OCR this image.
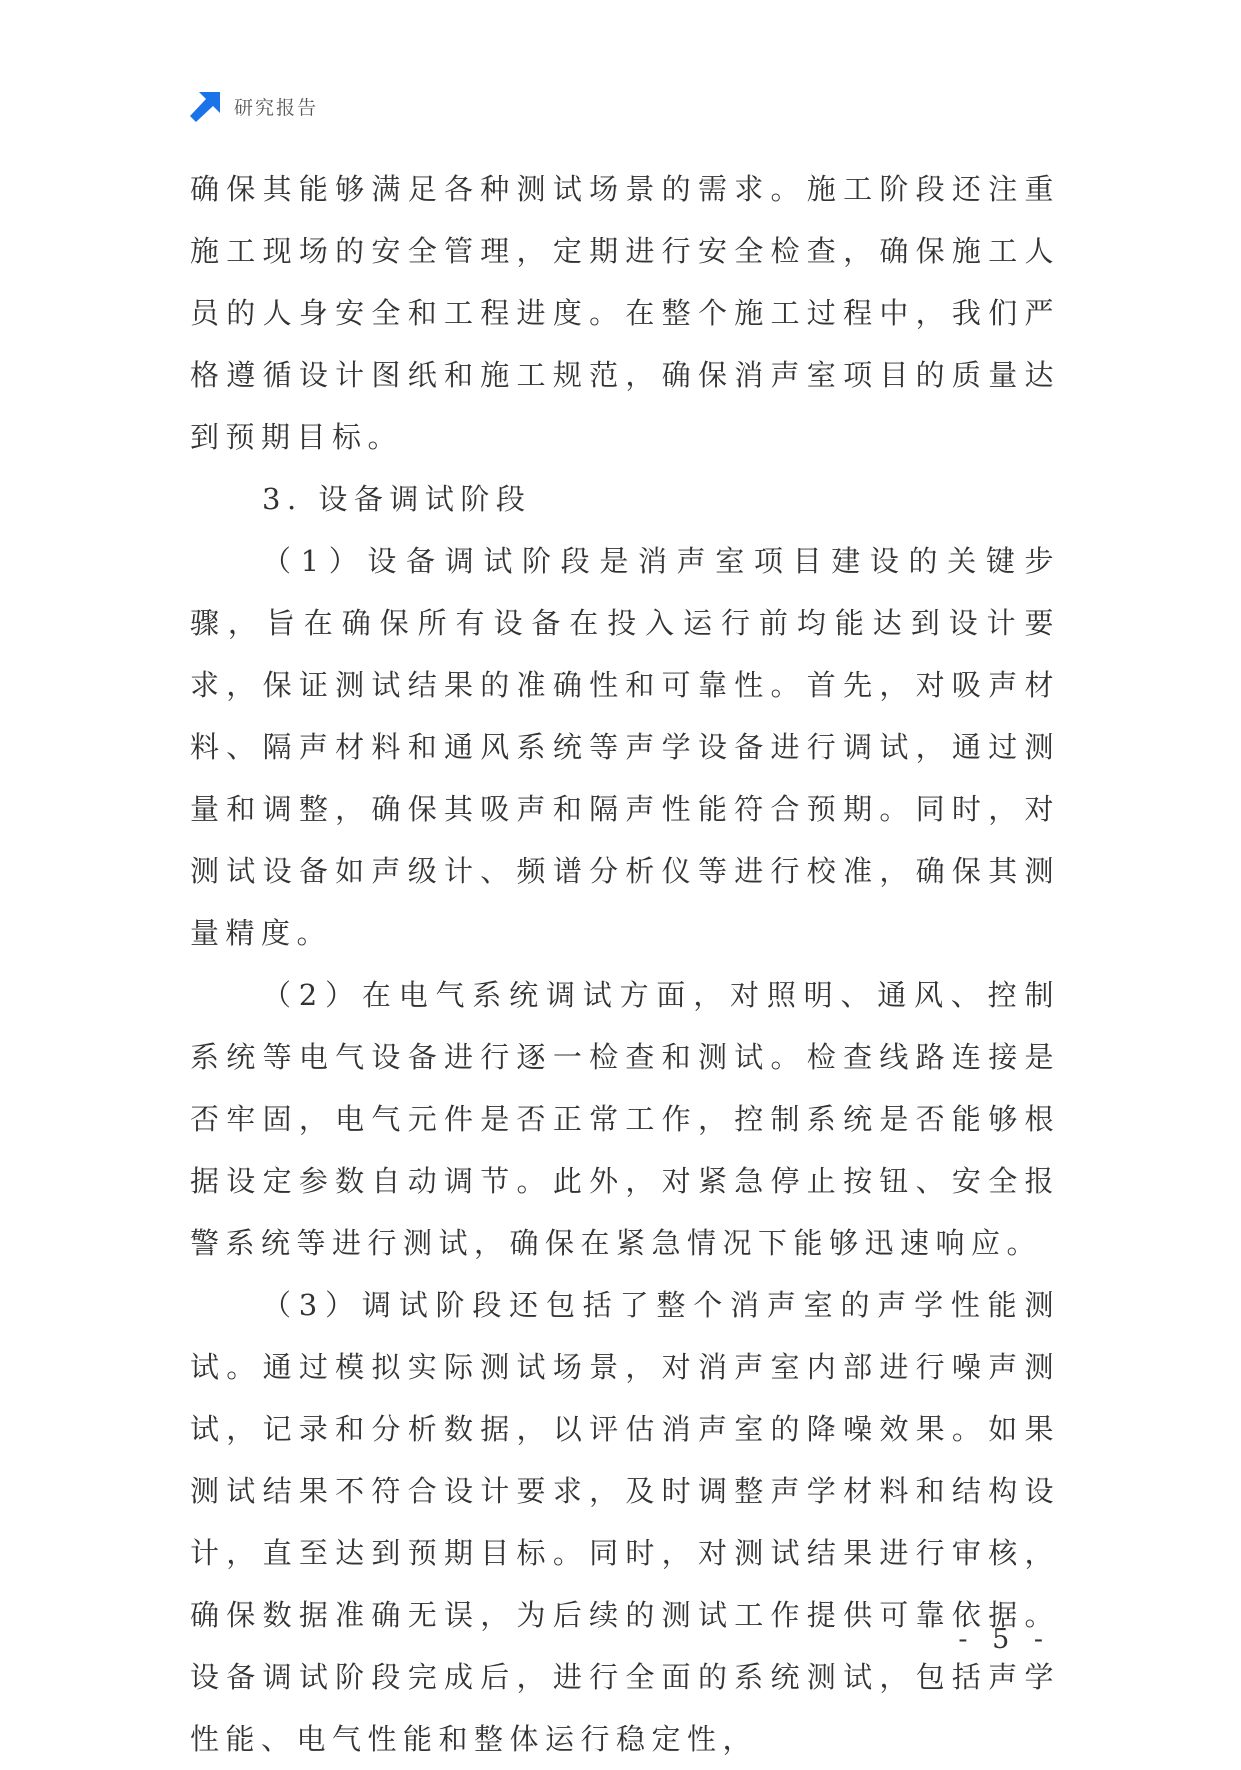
研究报告

确保其能够满足各种测试场景的需求。施工阶段还注重施工现场的安全管理，定期进行安全检查，确保施工人员的人身安全和工程进度。在整个施工过程中，我们严格遵循设计图纸和施工规范，确保消声室项目的质量达到预期目标。

3. 设备调试阶段

（1）设备调试阶段是消声室项目建设的关键步骤，旨在确保所有设备在投入运行前均能达到设计要求，保证测试结果的准确性和可靠性。首先，对吸声材料、隔声材料和通风系统等声学设备进行调试，通过测量和调整，确保其吸声和隔声性能符合预期。同时，对测试设备如声级计、频谱分析仪等进行校准，确保其测量精度。

（2）在电气系统调试方面，对照明、通风、控制系统等电气设备进行逐一检查和测试。检查线路连接是否牢固，电气元件是否正常工作，控制系统是否能够根据设定参数自动调节。此外，对紧急停止按钮、安全报警系统等进行测试，确保在紧急情况下能够迅速响应。

（3）调试阶段还包括了整个消声室的声学性能测试。通过模拟实际测试场景，对消声室内部进行噪声测试，记录和分析数据，以评估消声室的降噪效果。如果测试结果不符合设计要求，及时调整声学材料和结构设计，直至达到预期目标。同时，对测试结果进行审核，确保数据准确无误，为后续的测试工作提供可靠依据。设备调试阶段完成后，进行全面的系统测试，包括声学性能、电气性能和整体运行稳定性，

- 5 -
